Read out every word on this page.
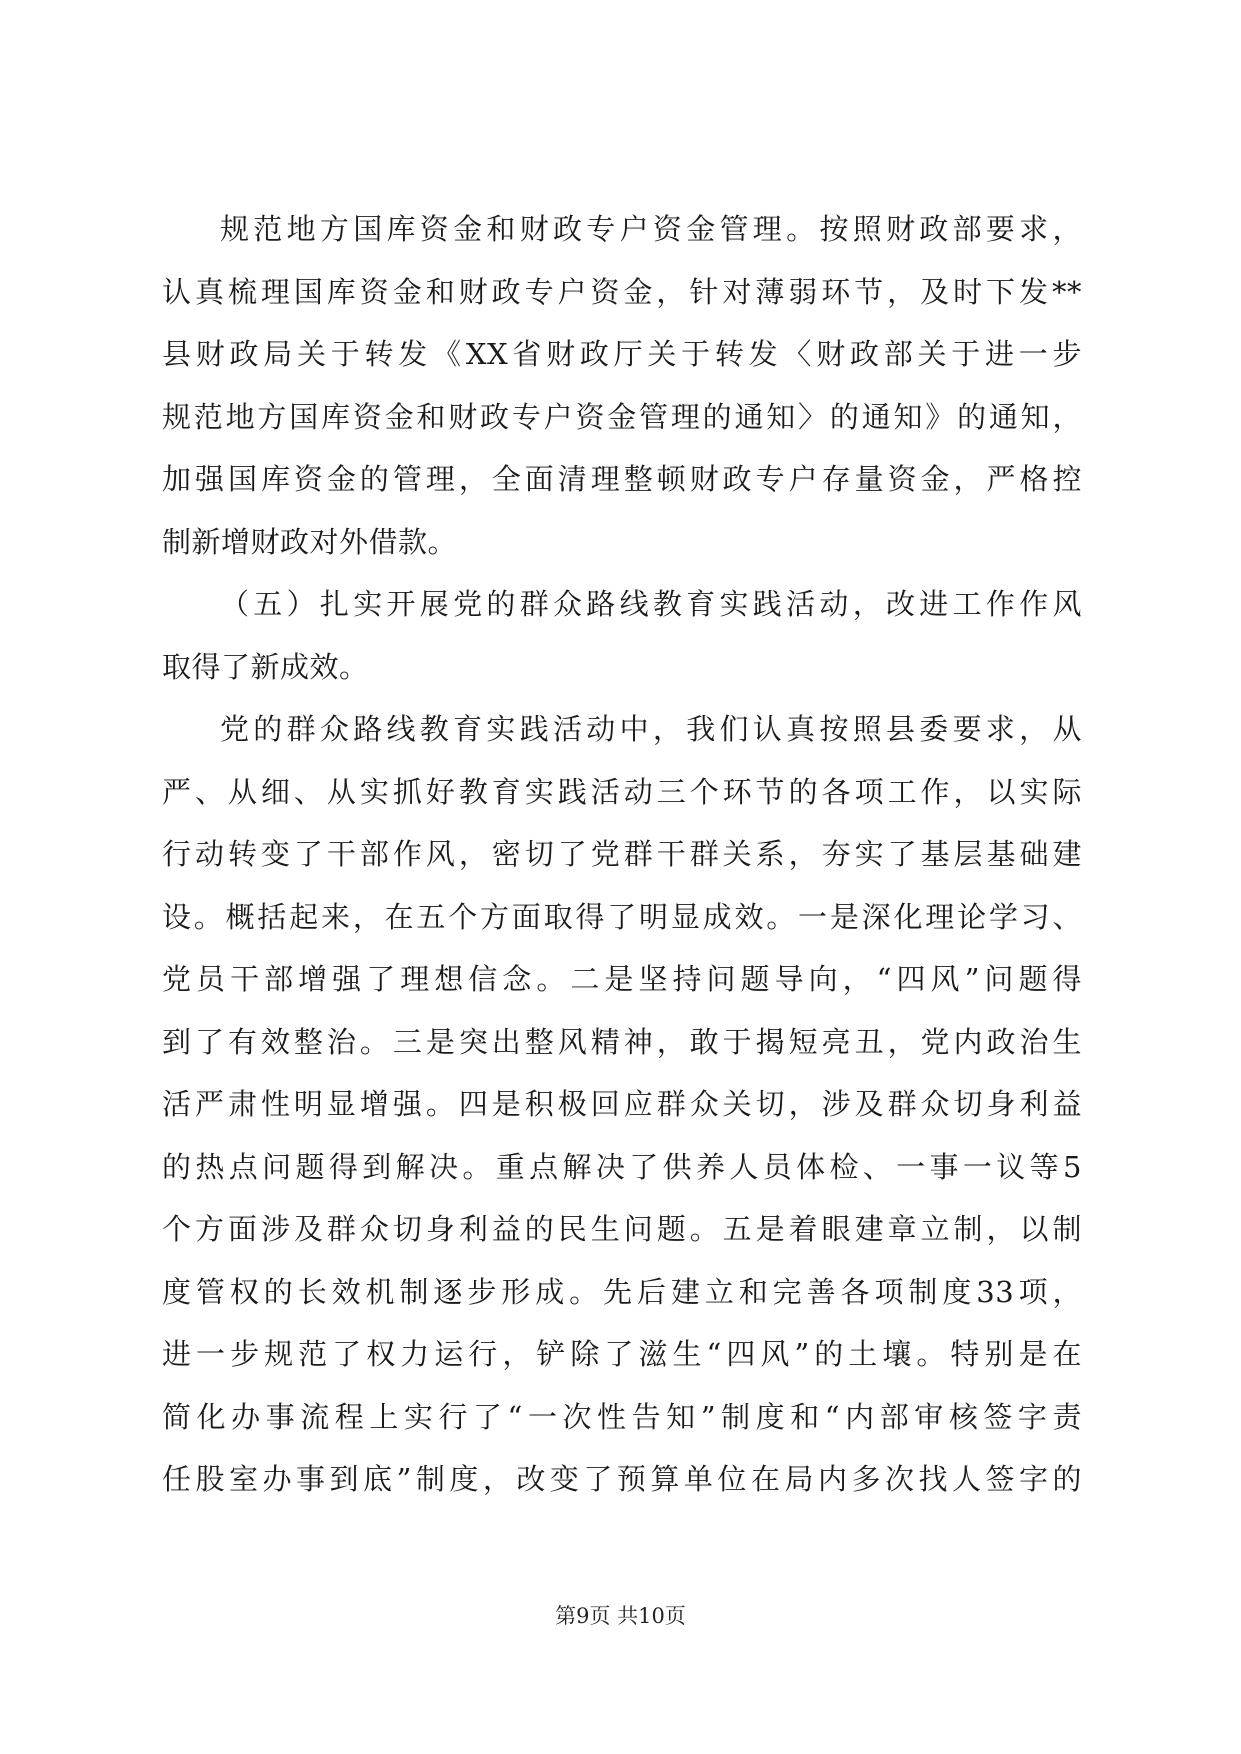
规范地方国库资金和财政专户资金管理。按照财政部要求，
认真梳理国库资金和财政专户资金，针对薄弱环节，及时下发**
县财政局关于转发《XX省财政厅关于转发〈财政部关于进一步
规范地方国库资金和财政专户资金管理的通知〉的通知》的通知，
加强国库资金的管理，全面清理整顿财政专户存量资金，严格控
制新增财政对外借款。
（五）扎实开展党的群众路线教育实践活动，改进工作作风
取得了新成效。
党的群众路线教育实践活动中，我们认真按照县委要求，从
严、从细、从实抓好教育实践活动三个环节的各项工作，以实际
行动转变了干部作风，密切了党群干群关系，夯实了基层基础建
设。概括起来，在五个方面取得了明显成效。一是深化理论学习、
党员干部增强了理想信念。二是坚持问题导向，“四风”问题得
到了有效整治。三是突出整风精神，敢于揭短亮丑，党内政治生
活严肃性明显增强。四是积极回应群众关切，涉及群众切身利益
的热点问题得到解决。重点解决了供养人员体检、一事一议等5
个方面涉及群众切身利益的民生问题。五是着眼建章立制，以制
度管权的长效机制逐步形成。先后建立和完善各项制度33项，
进一步规范了权力运行，铲除了滋生“四风”的土壤。特别是在
简化办事流程上实行了“一次性告知”制度和“内部审核签字责
任股室办事到底”制度，改变了预算单位在局内多次找人签字的
第9页 共10页
